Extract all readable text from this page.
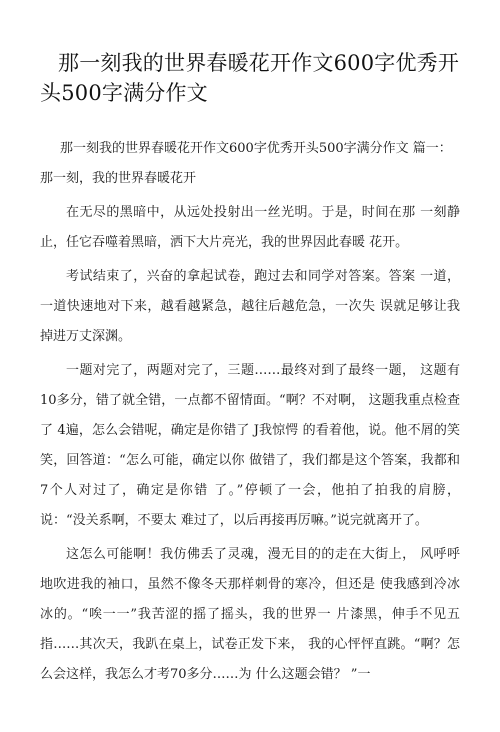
那一刻我的世界春暖花开作文600字优秀开
头500字满分作文
那一刻我的世界春暖花开作文600字优秀开头500字满分作文 篇一：
那一刻，我的世界春暖花开

在无尽的黑暗中，从远处投射出一丝光明。于是，时间在那 一刻静止，任它吞噬着黑暗，洒下大片亮光，我的世界因此春暖 花开。

考试结束了，兴奋的拿起试卷，跑过去和同学对答案。答案 一道，一道快速地对下来，越看越紧急，越往后越危急，一次失 误就足够让我掉进万丈深渊。

一题对完了，两题对完了，三题……最终对到了最终一题， 这题有10多分，错了就全错，一点都不留情面。“啊？不对啊， 这题我重点检查了 4遍，怎么会错呢，确定是你错了 J我惊愕 的看着他，说。他不屑的笑笑，回答道：“怎么可能，确定以你 做错了，我们都是这个答案，我都和7个人对过了，确定是你错 了。”停顿了一会，他拍了拍我的肩膀，说：“没关系啊，不要太 难过了，以后再接再厉嘛。”说完就离开了。

这怎么可能啊！我仿佛丢了灵魂，漫无目的的走在大街上， 风呼呼地吹进我的袖口，虽然不像冬天那样刺骨的寒冷，但还是 使我感到冷冰冰的。“唉一一”我苦涩的摇了摇头，我的世界一 片漆黑，伸手不见五指……其次天，我趴在桌上，试卷正发下来， 我的心怦怦直跳。“啊？怎么会这样，我怎么才考70多分……为 什么这题会错？ ”一
